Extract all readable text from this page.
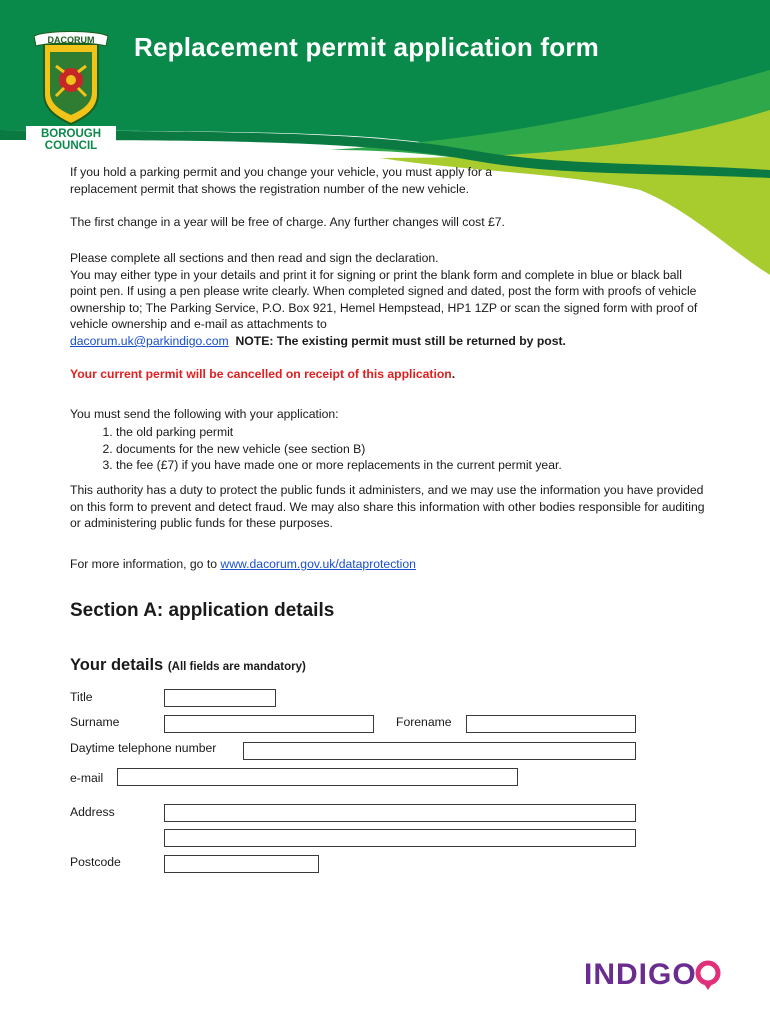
DACORUM
BOROUGH
COUNCIL
Replacement permit application form

If you hold a parking permit and you change your vehicle, you must apply for a replacement permit that shows the registration number of the new vehicle.

The first change in a year will be free of charge. Any further changes will cost £7.

Please complete all sections and then read and sign the declaration.

You may either type in your details and print it for signing or print the blank form and complete in blue or black ball point pen. If using a pen please write clearly. When completed signed and dated, post the form with proofs of vehicle ownership to; The Parking Service, P.O. Box 921, Hemel Hempstead, HP1 1ZP or scan the signed form with proof of vehicle ownership and e-mail as attachments to
dacorum.uk@parkindigo.com NOTE: The existing permit must still be returned by post.

Your current permit will be cancelled on receipt of this application.

You must send the following with your application:

1. the old parking permit
2. documents for the new vehicle (see section B)
3. the fee (£7) if you have made one or more replacements in the current permit year.

This authority has a duty to protect the public funds it administers, and we may use the information you have provided on this form to prevent and detect fraud. We may also share this information with other bodies responsible for auditing or administering public funds for these purposes.

For more information, go to www.dacorum.gov.uk/dataprotection

Section A: application details
Your details (All fields are mandatory)
Title
Surname	Forename
Daytime telephone number
e-mail
Address
Postcode
INDIGO
